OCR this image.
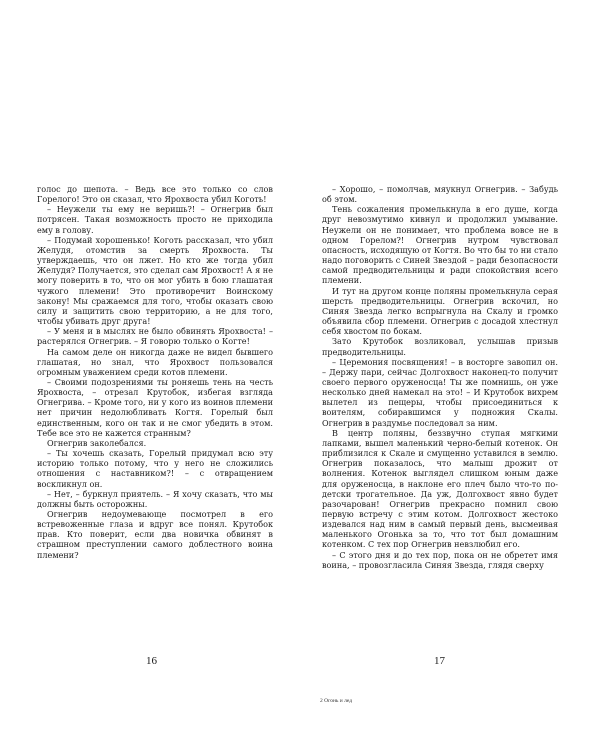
голос до шепота. – Ведь все это только со слов Горелого! Это он сказал, что Ярохвоста убил Коготь!

– Неужели ты ему не веришь?! – Огнегрив был потрясен. Такая возможность просто не приходила ему в голову.

– Подумай хорошенько! Коготь рассказал, что убил Желудя, отомстив за смерть Ярохвоста. Ты утверждаешь, что он лжет. Но кто же тогда убил Желудя? Получается, это сделал сам Ярохвост! А я не могу поверить в то, что он мог убить в бою глашатая чужого племени! Это противоречит Воинскому закону! Мы сражаемся для того, чтобы оказать свою силу и защитить свою территорию, а не для того, чтобы убивать друг друга!

– У меня и в мыслях не было обвинять Ярохвоста! – растерялся Огнегрив. – Я говорю только о Когте!

На самом деле он никогда даже не видел бывшего глашатая, но знал, что Ярохвост пользовался огромным уважением среди котов племени.

– Своими подозрениями ты роняешь тень на честь Ярохвоста, – отрезал Крутобок, избегая взгляда Огнегрива. – Кроме того, ни у кого из воинов племени нет причин недолюбливать Когтя. Горелый был единственным, кого он так и не смог убедить в этом. Тебе все это не кажется странным?

Огнегрив заколебался.

– Ты хочешь сказать, Горелый придумал всю эту историю только потому, что у него не сложились отношения с наставником?! – с отвращением воскликнул он.

– Нет, – буркнул приятель. – Я хочу сказать, что мы должны быть осторожны.

Огнегрив недоумевающе посмотрел в его встревоженные глаза и вдруг все понял. Крутобок прав. Кто поверит, если два новичка обвинят в страшном преступлении самого доблестного воина племени?

16

– Хорошо, – помолчав, мяукнул Огнегрив. – Забудь об этом.

Тень сожаления промелькнула в его душе, когда друг невозмутимо кивнул и продолжил умывание. Неужели он не понимает, что проблема вовсе не в одном Горелом?! Огнегрив нутром чувствовал опасность, исходящую от Когтя. Во что бы то ни стало надо поговорить с Синей Звездой – ради безопасности самой предводительницы и ради спокойствия всего племени.

И тут на другом конце поляны промелькнула серая шерсть предводительницы. Огнегрив вскочил, но Синяя Звезда легко вспрыгнула на Скалу и громко объявила сбор племени. Огнегрив с досадой хлестнул себя хвостом по бокам.

Зато Крутобок возликовал, услышав призыв предводительницы.

– Церемония посвящения! – в восторге завопил он. – Держу пари, сейчас Долгохвост наконец-то получит своего первого оруженосца! Ты же помнишь, он уже несколько дней намекал на это! – И Крутобок вихрем вылетел из пещеры, чтобы присоединиться к воителям, собиравшимся у подножия Скалы. Огнегрив в раздумье последовал за ним.

В центр поляны, беззвучно ступая мягкими лапками, вышел маленький черно-белый котенок. Он приблизился к Скале и смущенно уставился в землю. Огнегрив показалось, что малыш дрожит от волнения. Котенок выглядел слишком юным даже для оруженосца, в наклоне его плеч было что-то по-детски трогательное. Да уж, Долгохвост явно будет разочарован! Огнегрив прекрасно помнил свою первую встречу с этим котом. Долгохвост жестоко издевался над ним в самый первый день, высмеивая маленького Огонька за то, что тот был домашним котенком. С тех пор Огнегрив невзлюбил его.

– С этого дня и до тех пор, пока он не обретет имя воина, – провозгласила Синяя Звезда, глядя сверху

17
2 Огонь и лед
